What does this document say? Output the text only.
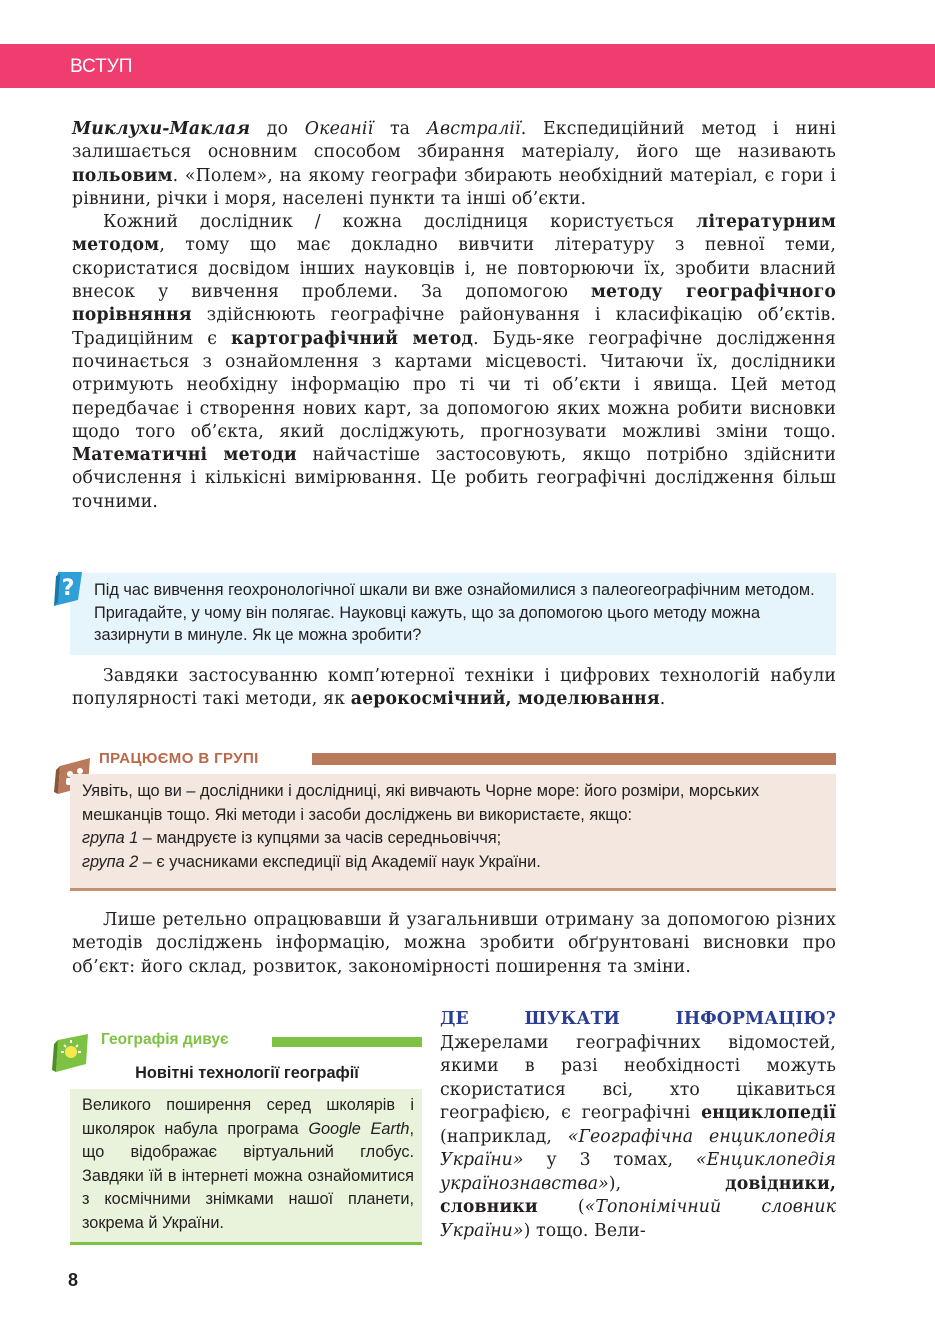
ВСТУП

Миклухи-Маклая до Океанії та Австралії. Експедиційний метод і нині залишається основним способом збирання матеріалу, його ще називають польовим. «Полем», на якому географи збирають необхідний матеріал, є гори і рівнини, річки і моря, населені пункти та інші об’єкти.

Кожний дослідник / кожна дослідниця користується літературним методом, тому що має докладно вивчити літературу з певної теми, скористатися досвідом інших науковців і, не повторюючи їх, зробити власний внесок у вивчення проблеми. За допомогою методу географічного порівняння здійснюють географічне районування і класифікацію об’єктів. Традиційним є картографічний метод. Будь-яке географічне дослідження починається з ознайомлення з картами місцевості. Читаючи їх, дослідники отримують необхідну інформацію про ті чи ті об’єкти і явища. Цей метод передбачає і створення нових карт, за допомогою яких можна робити висновки щодо того об’єкта, який досліджують, прогнозувати можливі зміни тощо. Математичні методи найчастіше застосовують, якщо потрібно здійснити обчислення і кількісні вимірювання. Це робить географічні дослідження більш точними.

Під час вивчення геохронологічної шкали ви вже ознайомилися з палеогеографічним методом. Пригадайте, у чому він полягає. Науковці кажуть, що за допомогою цього методу можна зазирнути в минуле. Як це можна зробити?

?

Завдяки застосуванню комп’ютерної техніки і цифрових технологій набули популярності такі методи, як аерокосмічний, моделювання.

ПРАЦЮЄМО В ГРУПІ

Уявіть, що ви – дослідники і дослідниці, які вивчають Чорне море: його розміри, морських мешканців тощо. Які методи і засоби досліджень ви використаєте, якщо:
група 1 – мандруєте із купцями за часів середньовіччя;
група 2 – є учасниками експедиції від Академії наук України.

Лише ретельно опрацювавши й узагальнивши отриману за допомогою різних методів досліджень інформацію, можна зробити обґрунтовані висновки про об’єкт: його склад, розвиток, закономірності поширення та зміни.

Географія дивує
Новітні технології географії

Великого поширення серед школярів і школярок набула програма Google Earth, що відображає віртуальний глобус. Завдяки їй в інтернеті можна ознайомитися з космічними знімками нашої планети, зокрема й України.

ДЕ ШУКАТИ ІНФОРМАЦІЮ? Джерелами географічних відомостей, якими в разі необхідності можуть скористатися всі, хто цікавиться географією, є географічні енциклопедії (наприклад, «Географічна енциклопедія України» у 3 томах, «Енциклопедія українознавства»), довідники, словники («Топонімічний словник України») тощо. Вели-

8
